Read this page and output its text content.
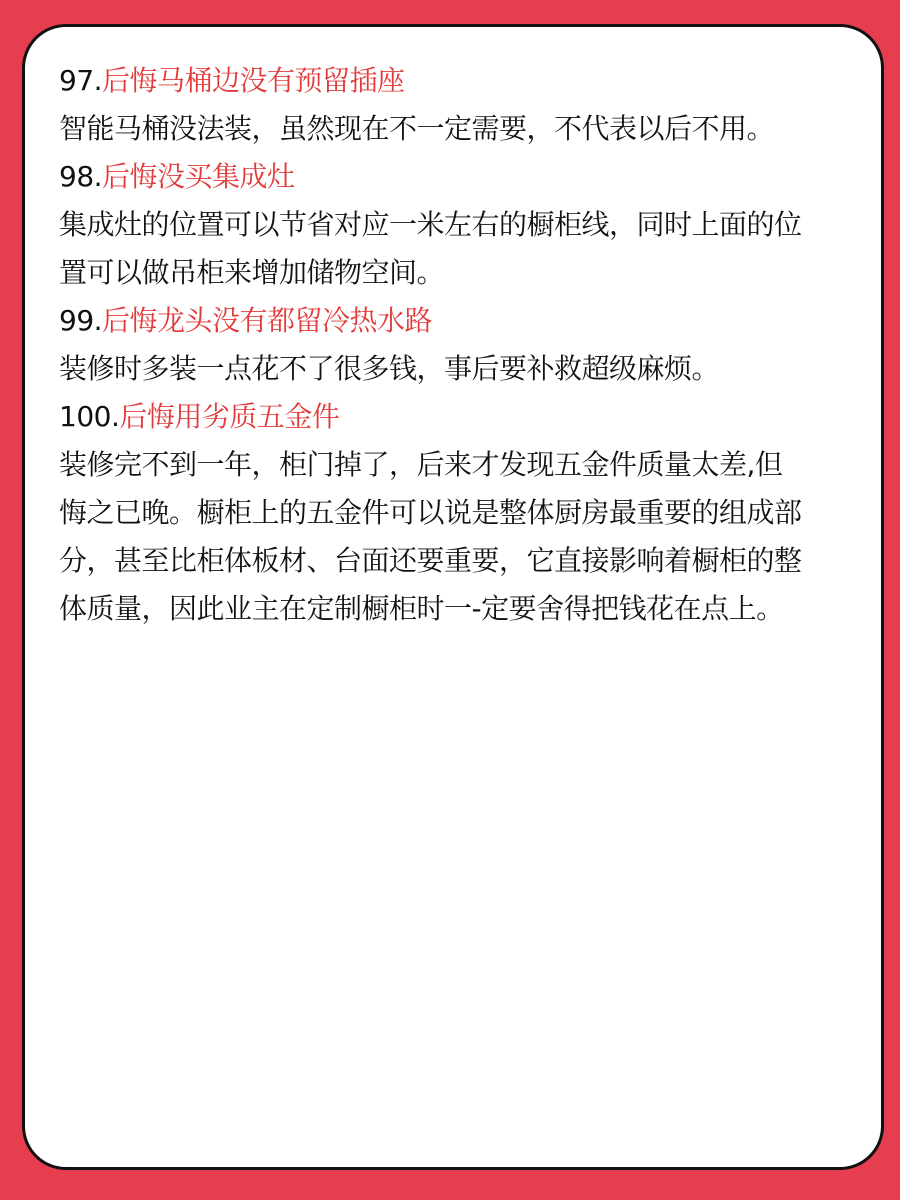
97.后悔马桶边没有预留插座
智能马桶没法装，虽然现在不一定需要，不代表以后不用。
98.后悔没买集成灶
集成灶的位置可以节省对应一米左右的橱柜线，同时上面的位
置可以做吊柜来增加储物空间。
99.后悔龙头没有都留冷热水路
装修时多装一点花不了很多钱，事后要补救超级麻烦。
100.后悔用劣质五金件
装修完不到一年，柜门掉了，后来才发现五金件质量太差,但
悔之已晚。橱柜上的五金件可以说是整体厨房最重要的组成部
分，甚至比柜体板材、台面还要重要，它直接影响着橱柜的整
体质量，因此业主在定制橱柜时一-定要舍得把钱花在点上。
